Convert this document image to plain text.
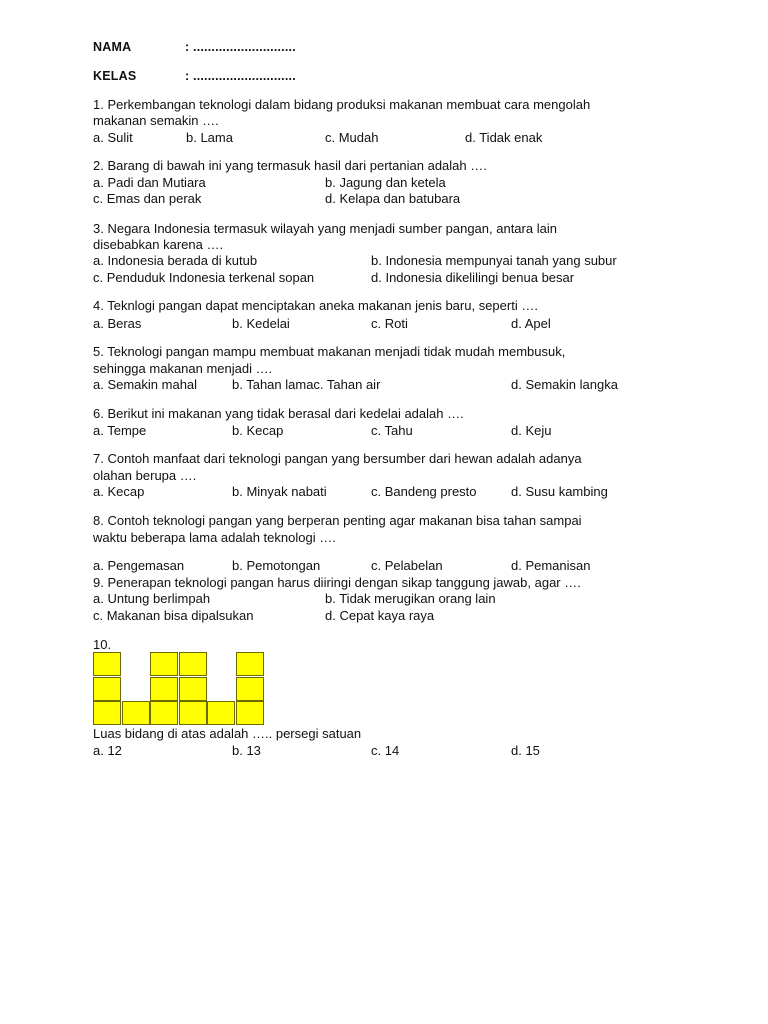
NAMA	: ............................
KELAS	: ............................
1. Perkembangan teknologi dalam bidang produksi makanan membuat cara mengolah
makanan semakin ….
a. Sulit	b. Lama	c. Mudah	d. Tidak enak
2. Barang di bawah ini yang termasuk hasil dari pertanian adalah ….
a. Padi dan Mutiara	b. Jagung dan ketela
c. Emas dan perak	d. Kelapa dan batubara
3. Negara Indonesia termasuk wilayah yang menjadi sumber pangan, antara lain
disebabkan karena ….
a. Indonesia berada di kutub	b. Indonesia mempunyai tanah yang subur
c. Penduduk Indonesia terkenal sopan	d. Indonesia dikelilingi benua besar
4. Teknlogi pangan dapat menciptakan aneka makanan jenis baru, seperti ….
a. Beras	b. Kedelai	c. Roti	d. Apel
5. Teknologi pangan mampu membuat makanan menjadi tidak mudah membusuk,
sehingga makanan menjadi ….
a. Semakin mahal	b. Tahan lamac. Tahan air	d. Semakin langka
6. Berikut ini makanan yang tidak berasal dari kedelai adalah ….
a. Tempe	b. Kecap	c. Tahu	d. Keju
7. Contoh manfaat dari teknologi pangan yang bersumber dari hewan adalah adanya
olahan berupa ….
a. Kecap	b. Minyak nabati	c. Bandeng presto	d. Susu kambing
8. Contoh teknologi pangan yang berperan penting agar makanan bisa tahan sampai
waktu beberapa lama adalah teknologi ….
a. Pengemasan	b. Pemotongan	c. Pelabelan	d. Pemanisan
9. Penerapan teknologi pangan harus diiringi dengan sikap tanggung jawab, agar ….
a. Untung berlimpah	b. Tidak merugikan orang lain
c. Makanan bisa dipalsukan	d. Cepat kaya raya
10.
Luas bidang di atas adalah ….. persegi satuan
a. 12	b. 13	c. 14	d. 15
